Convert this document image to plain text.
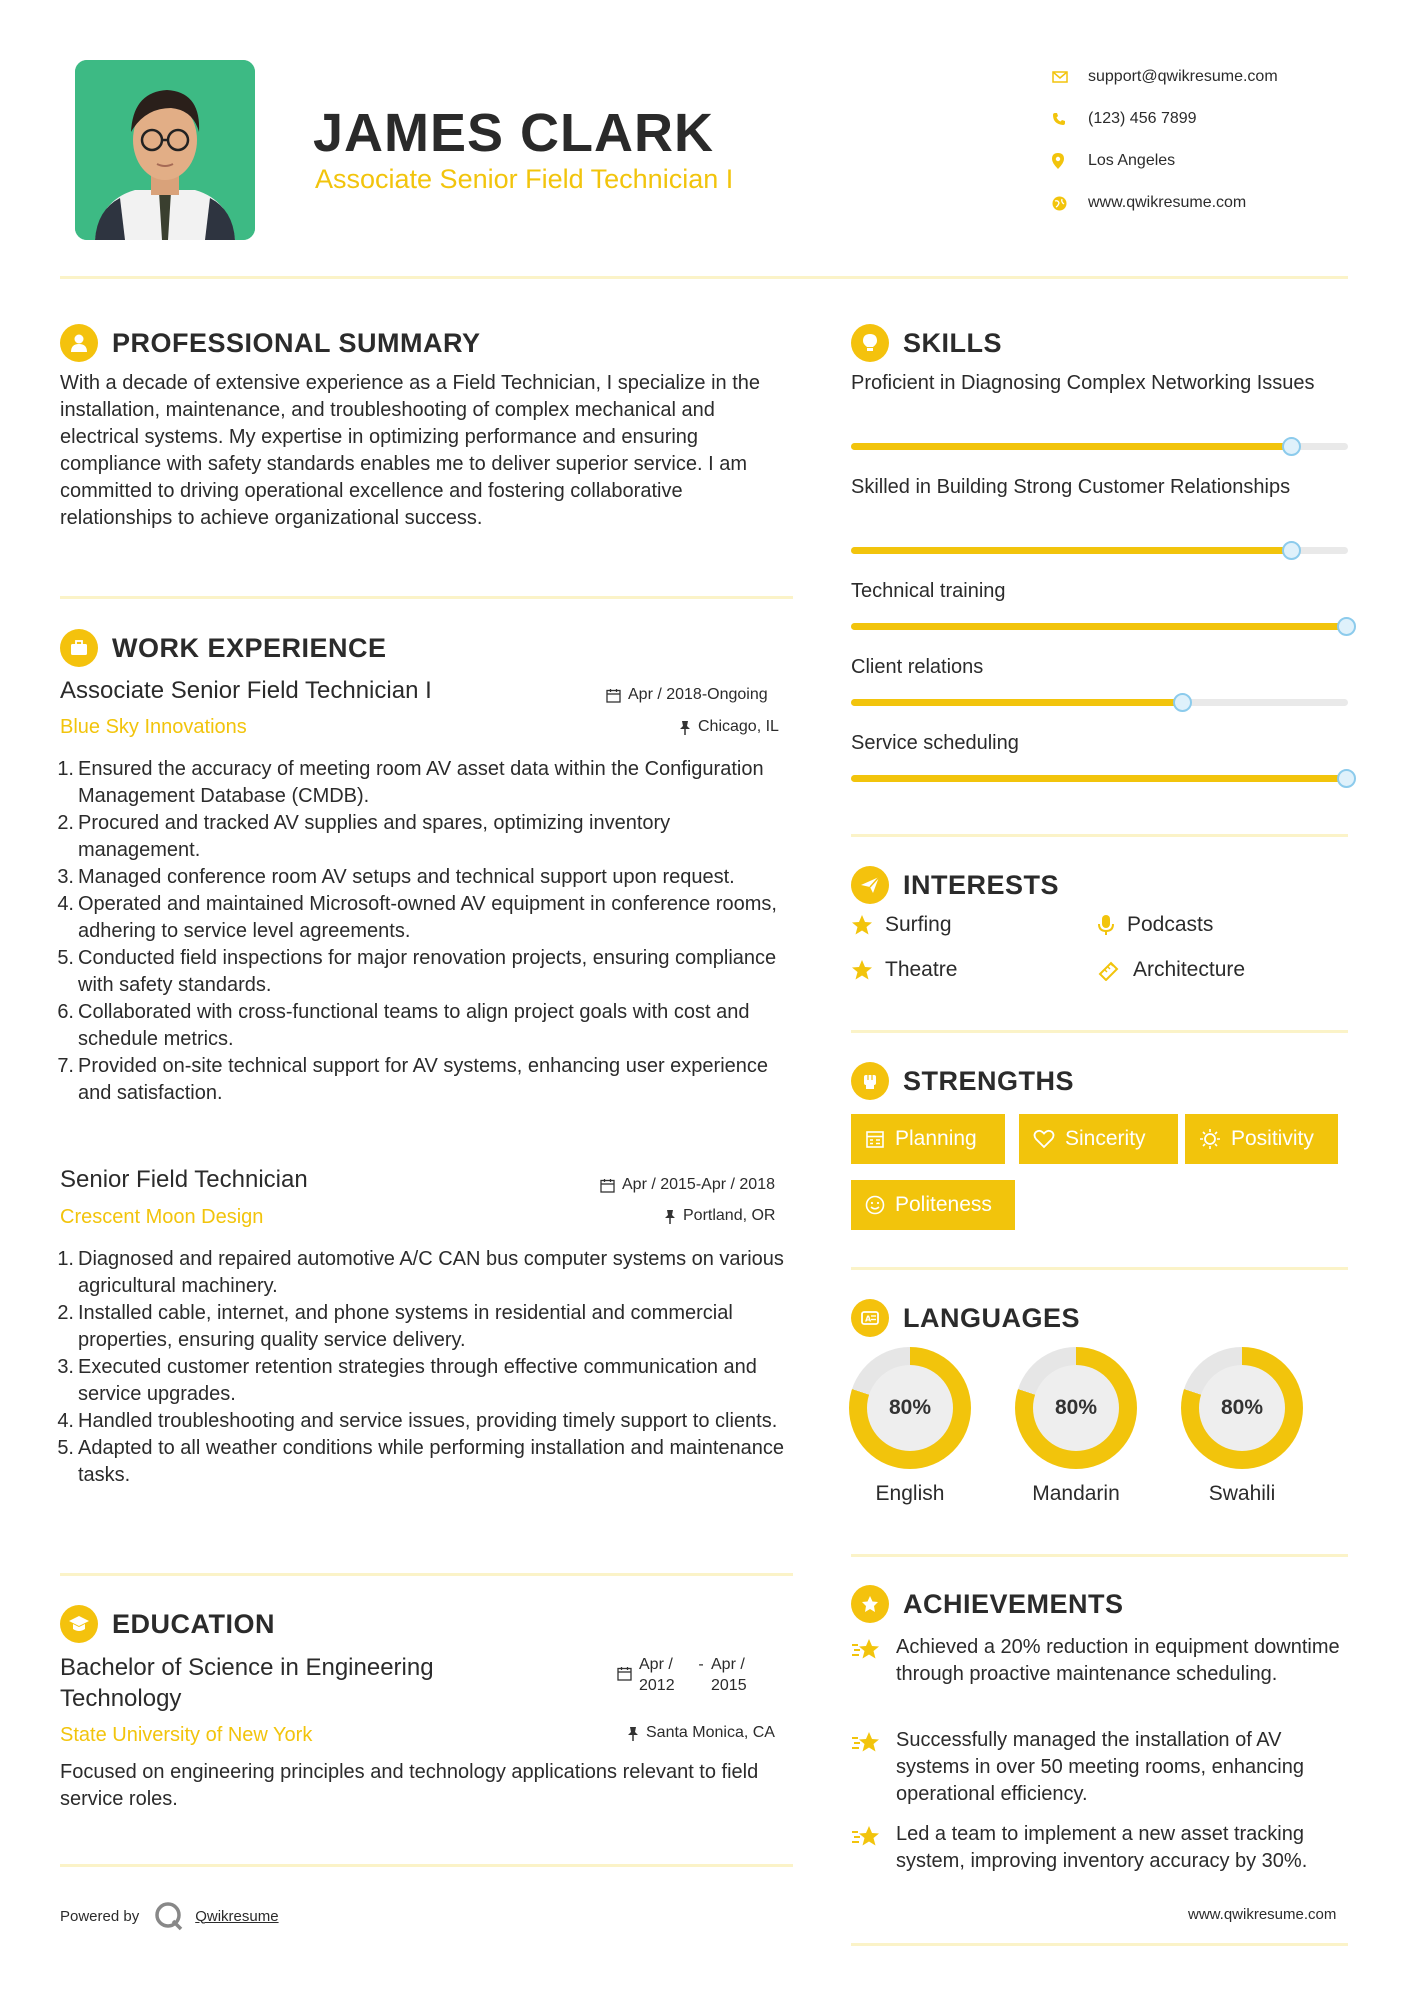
JAMES CLARK
Associate Senior Field Technician I
support@qwikresume.com
(123) 456 7899
Los Angeles
www.qwikresume.com
PROFESSIONAL SUMMARY
With a decade of extensive experience as a Field Technician, I specialize in the installation, maintenance, and troubleshooting of complex mechanical and electrical systems. My expertise in optimizing performance and ensuring compliance with safety standards enables me to deliver superior service. I am committed to driving operational excellence and fostering collaborative relationships to achieve organizational success.
WORK EXPERIENCE
Associate Senior Field Technician I	Apr / 2018-Ongoing
Blue Sky Innovations	Chicago, IL
1. Ensured the accuracy of meeting room AV asset data within the Configuration Management Database (CMDB).
2. Procured and tracked AV supplies and spares, optimizing inventory management.
3. Managed conference room AV setups and technical support upon request.
4. Operated and maintained Microsoft-owned AV equipment in conference rooms, adhering to service level agreements.
5. Conducted field inspections for major renovation projects, ensuring compliance with safety standards.
6. Collaborated with cross-functional teams to align project goals with cost and schedule metrics.
7. Provided on-site technical support for AV systems, enhancing user experience and satisfaction.
Senior Field Technician	Apr / 2015-Apr / 2018
Crescent Moon Design	Portland, OR
1. Diagnosed and repaired automotive A/C CAN bus computer systems on various agricultural machinery.
2. Installed cable, internet, and phone systems in residential and commercial properties, ensuring quality service delivery.
3. Executed customer retention strategies through effective communication and service upgrades.
4. Handled troubleshooting and service issues, providing timely support to clients.
5. Adapted to all weather conditions while performing installation and maintenance tasks.
EDUCATION
Bachelor of Science in Engineering Technology
Apr / 2012
- Apr / 2015
State University of New York	Santa Monica, CA
Focused on engineering principles and technology applications relevant to field service roles.
SKILLS
Proficient in Diagnosing Complex Networking Issues
Skilled in Building Strong Customer Relationships
Technical training
Client relations
Service scheduling
INTERESTS
Surfing	Podcasts
Theatre	Architecture
STRENGTHS
Planning	Sincerity	Positivity
Politeness
A LANGUAGES
80%
English
80%
Mandarin
80%
Swahili
ACHIEVEMENTS
Achieved a 20% reduction in equipment downtime through proactive maintenance scheduling.
Successfully managed the installation of AV systems in over 50 meeting rooms, enhancing operational efficiency.
Led a team to implement a new asset tracking system, improving inventory accuracy by 30%.
Powered by	Qwikresume	www.qwikresume.com
